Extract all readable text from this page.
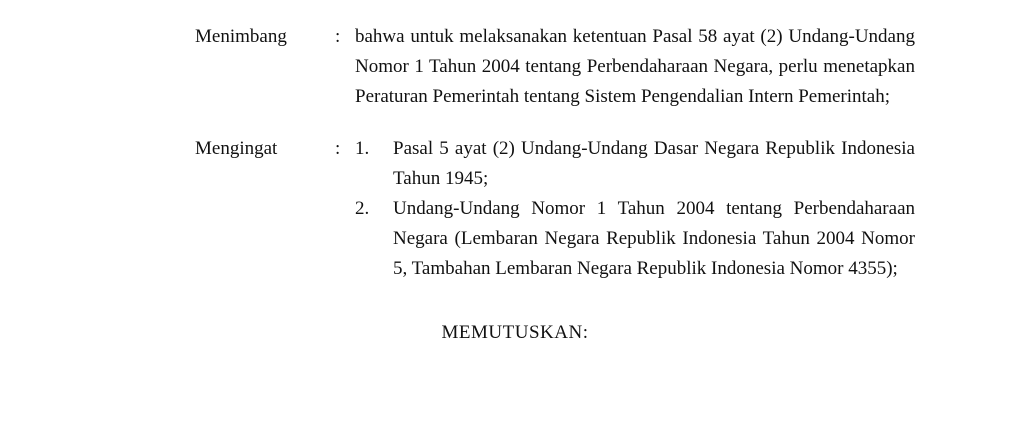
Menimbang	: bahwa untuk melaksanakan ketentuan Pasal 58 ayat (2) Undang-Undang Nomor 1 Tahun 2004 tentang Perbendaharaan Negara, perlu menetapkan Peraturan Pemerintah tentang Sistem Pengendalian Intern Pemerintah;

Mengingat	: 1.	Pasal 5 ayat (2) Undang-Undang Dasar Negara Republik Indonesia Tahun 1945;
2.	Undang-Undang Nomor 1 Tahun 2004 tentang Perbendaharaan Negara (Lembaran Negara Republik Indonesia Tahun 2004 Nomor 5, Tambahan Lembaran Negara Republik Indonesia Nomor 4355);
MEMUTUSKAN:
